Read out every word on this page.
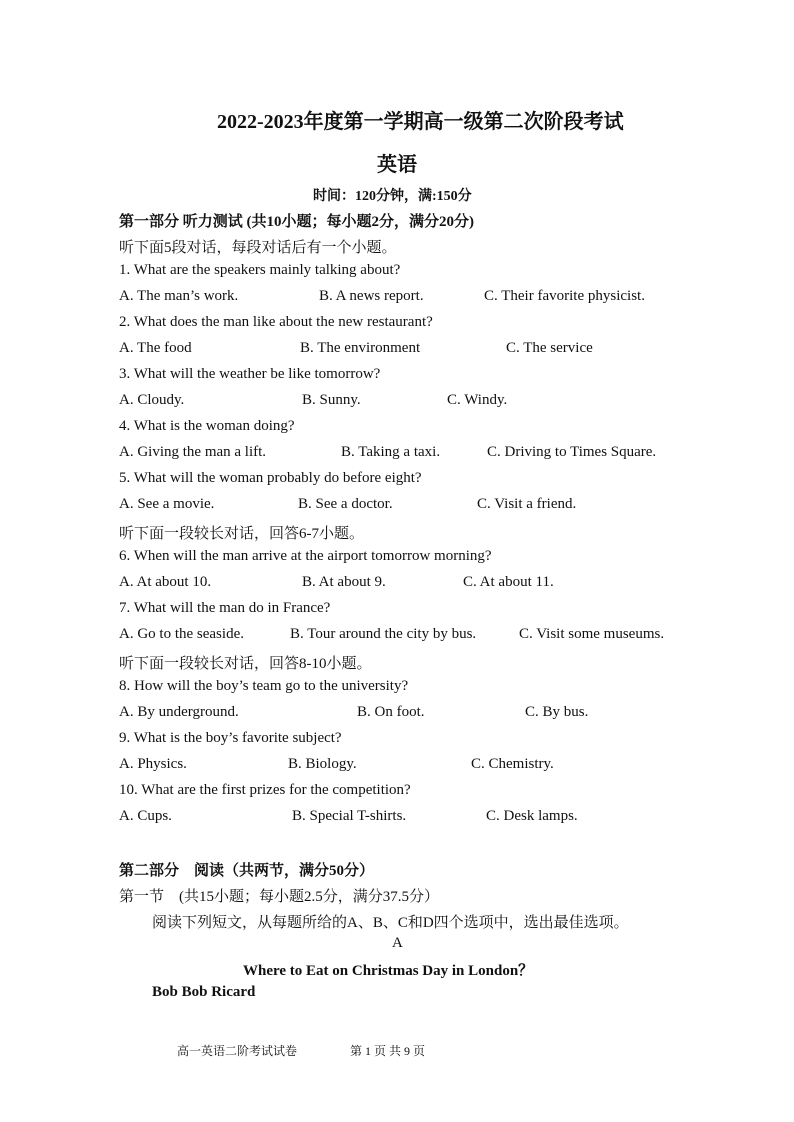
2022-2023年度第一学期高一级第二次阶段考试
英语
时间：120分钟，满:150分
第一部分 听力测试 (共10小题；每小题2分，满分20分)
听下面5段对话，每段对话后有一个小题。
1. What are the speakers mainly talking about?
A. The man’s work.	B. A news report.	C. Their favorite physicist.
2. What does the man like about the new restaurant?
A. The food	B. The environment	C. The service
3. What will the weather be like tomorrow?
A. Cloudy.	B. Sunny.	C. Windy.
4. What is the woman doing?
A. Giving the man a lift.	B. Taking a taxi.	C. Driving to Times Square.
5. What will the woman probably do before eight?
A. See a movie.	B. See a doctor.	C. Visit a friend.
听下面一段较长对话，回答6-7小题。
6. When will the man arrive at the airport tomorrow morning?
A. At about 10.	B. At about 9.	C. At about 11.
7. What will the man do in France?
A. Go to the seaside.	B. Tour around the city by bus.	C. Visit some museums.
听下面一段较长对话，回答8-10小题。
8. How will the boy’s team go to the university?
A. By underground.	B. On foot.	C. By bus.
9. What is the boy’s favorite subject?
A. Physics.	B. Biology.	C. Chemistry.
10. What are the first prizes for the competition?
A. Cups.	B. Special T-shirts.	C. Desk lamps.
第二部分　阅读（共两节，满分50分）
第一节　(共15小题；每小题2.5分，满分37.5分）
阅读下列短文，从每题所给的A、B、C和D四个选项中，选出最佳选项。
A
Where to Eat on Christmas Day in London？
Bob Bob Ricard
高一英语二阶考试试卷	第 1 页 共 9 页
